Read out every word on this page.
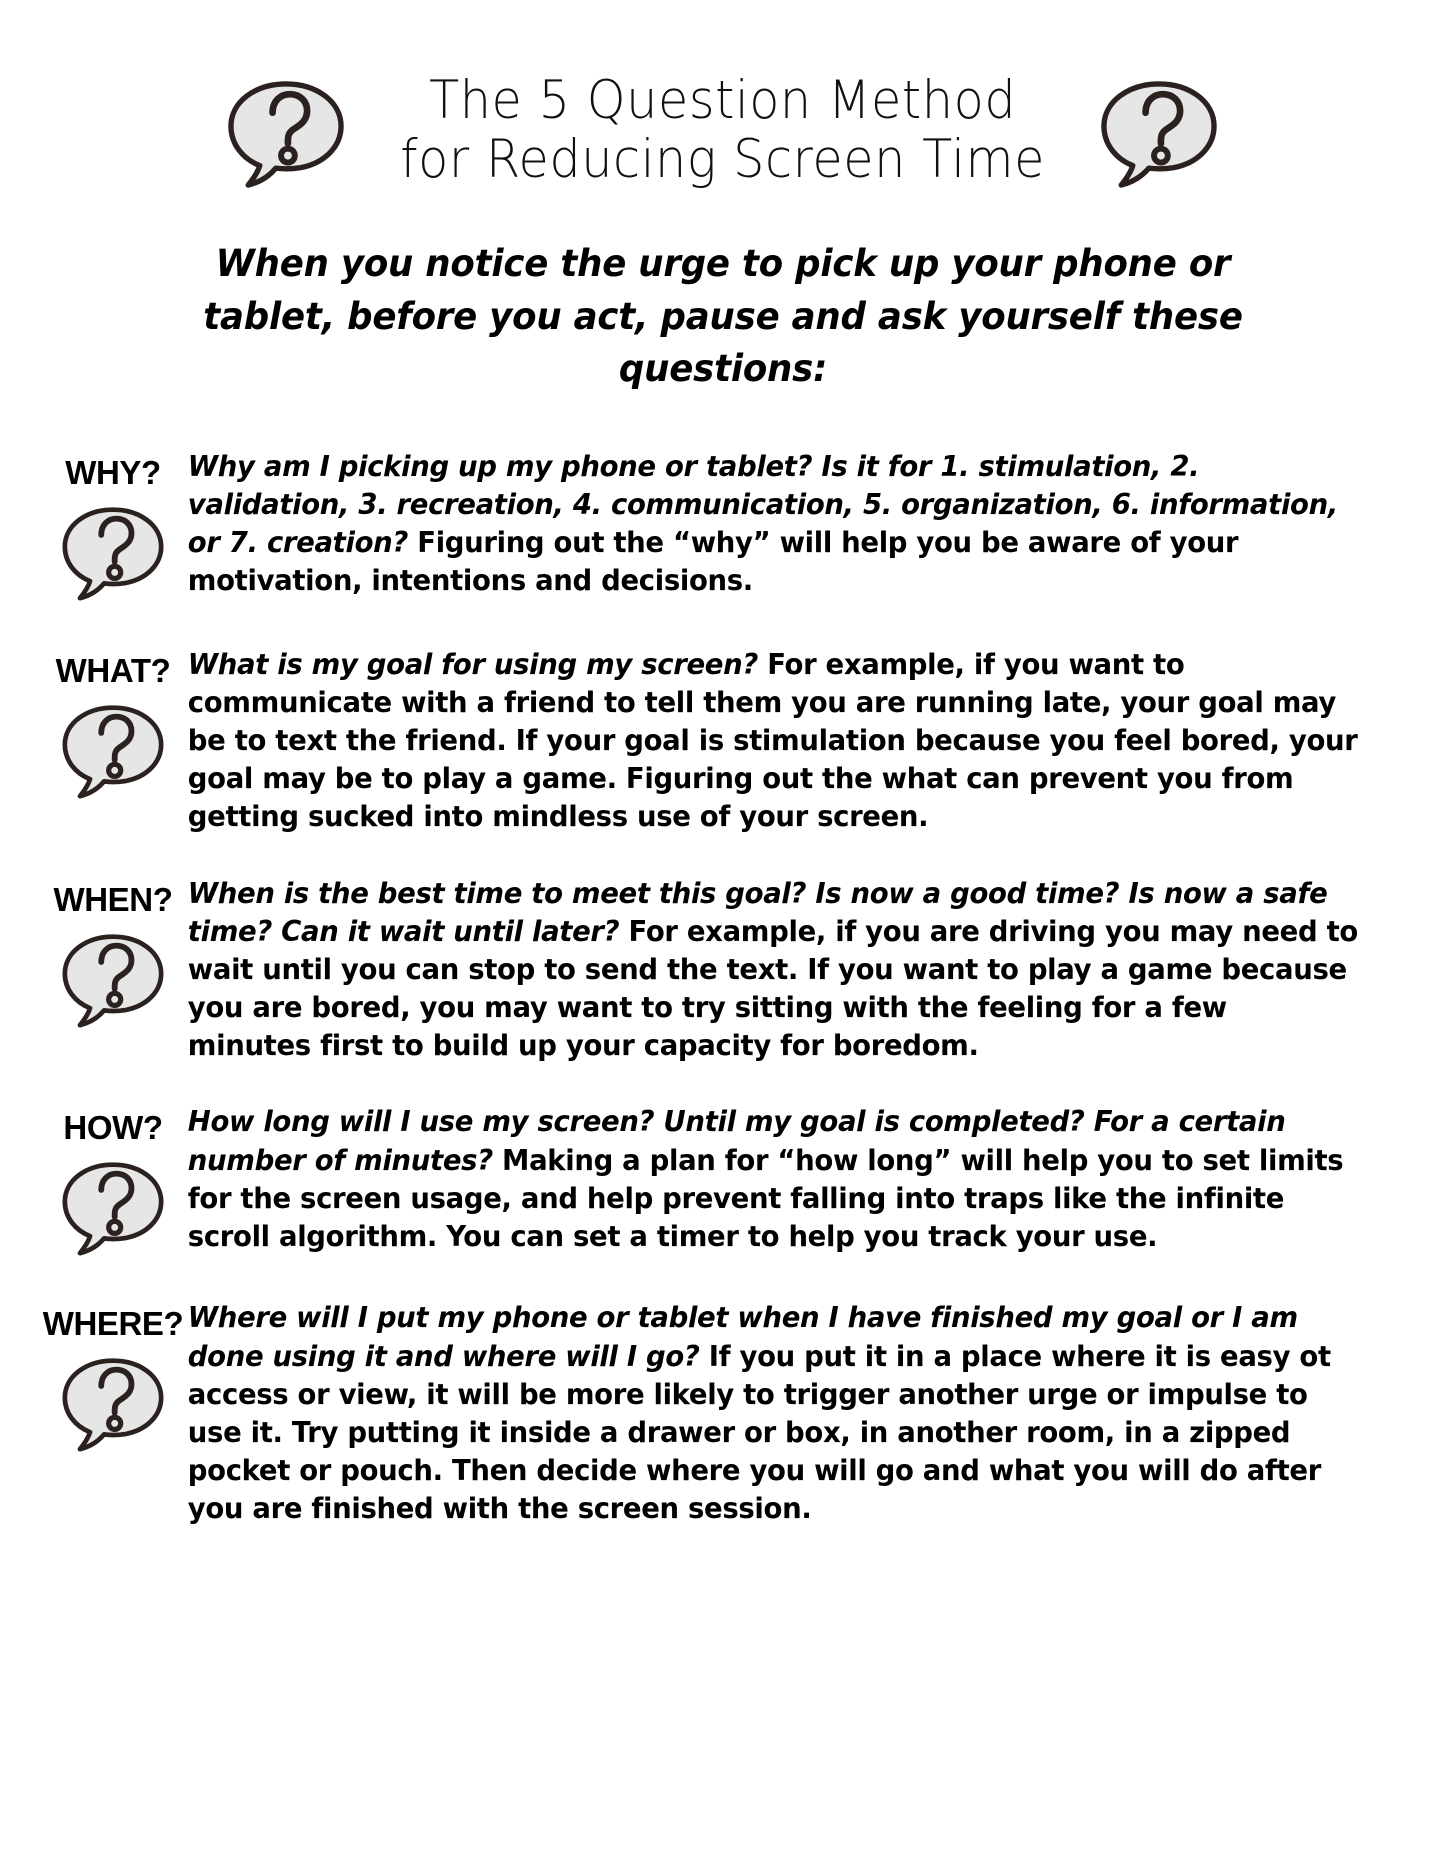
The 5 Question Method
for Reducing Screen Time
When you notice the urge to pick up your phone or tablet, before you act, pause and ask yourself these questions:
WHY? Why am I picking up my phone or tablet? Is it for 1. stimulation, 2. validation, 3. recreation, 4. communication, 5. organization, 6. information, or 7. creation? Figuring out the “why” will help you be aware of your motivation, intentions and decisions.
WHAT? What is my goal for using my screen? For example, if you want to communicate with a friend to tell them you are running late, your goal may be to text the friend. If your goal is stimulation because you feel bored, your goal may be to play a game. Figuring out the what can prevent you from getting sucked into mindless use of your screen.
WHEN? When is the best time to meet this goal? Is now a good time? Is now a safe time? Can it wait until later? For example, if you are driving you may need to wait until you can stop to send the text. If you want to play a game because you are bored, you may want to try sitting with the feeling for a few minutes first to build up your capacity for boredom.
HOW? How long will I use my screen? Until my goal is completed? For a certain number of minutes? Making a plan for “how long” will help you to set limits for the screen usage, and help prevent falling into traps like the infinite scroll algorithm. You can set a timer to help you track your use.
WHERE? Where will I put my phone or tablet when I have finished my goal or I am done using it and where will I go? If you put it in a place where it is easy ot access or view, it will be more likely to trigger another urge or impulse to use it. Try putting it inside a drawer or box, in another room, in a zipped pocket or pouch. Then decide where you will go and what you will do after you are finished with the screen session.
